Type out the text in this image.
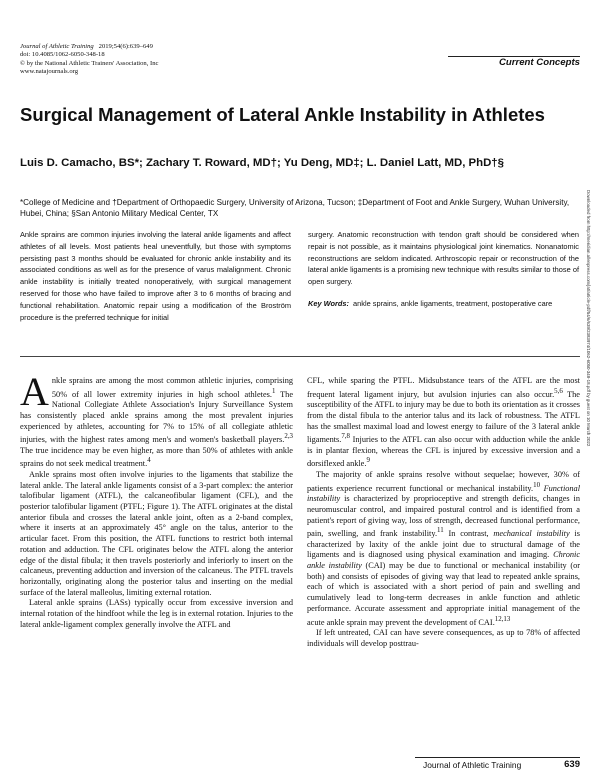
Journal of Athletic Training 2019;54(6):639–649
doi: 10.4085/1062-6050-348-18
© by the National Athletic Trainers' Association, Inc
www.natajournals.org
Current Concepts
Surgical Management of Lateral Ankle Instability in Athletes
Luis D. Camacho, BS*; Zachary T. Roward, MD†; Yu Deng, MD‡; L. Daniel Latt, MD, PhD†§
*College of Medicine and †Department of Orthopaedic Surgery, University of Arizona, Tucson; ‡Department of Foot and Ankle Surgery, Wuhan University, Hubei, China; §San Antonio Military Medical Center, TX
Ankle sprains are common injuries involving the lateral ankle ligaments and affect athletes of all levels. Most patients heal uneventfully, but those with symptoms persisting past 3 months should be evaluated for chronic ankle instability and its associated conditions as well as for the presence of varus malalignment. Chronic ankle instability is initially treated nonoperatively, with surgical management reserved for those who have failed to improve after 3 to 6 months of bracing and functional rehabilitation. Anatomic repair using a modification of the Broström procedure is the preferred technique for initial
surgery. Anatomic reconstruction with tendon graft should be considered when repair is not possible, as it maintains physiological joint kinematics. Nonanatomic reconstructions are seldom indicated. Arthroscopic repair or reconstruction of the lateral ankle ligaments is a promising new technique with results similar to those of open surgery.
Key Words: ankle sprains, ankle ligaments, treatment, postoperative care

Ankle sprains are among the most common athletic injuries, comprising 50% of all lower extremity injuries in high school athletes.$^1$ The National Collegiate Athlete Association's Injury Surveillance System has consistently placed ankle sprains among the most prevalent injuries experienced by athletes, accounting for 7% to 15% of all collegiate athletic injuries, with the highest rates among men's and women's basketball players.$^{2,3}$ The true incidence may be even higher, as more than 50% of athletes with ankle sprains do not seek medical treatment.$^4$

Ankle sprains most often involve injuries to the ligaments that stabilize the lateral ankle. The lateral ankle ligaments consist of a 3-part complex: the anterior talofibular ligament (ATFL), the calcaneofibular ligament (CFL), and the posterior talofibular ligament (PTFL; Figure 1). The ATFL originates at the distal anterior fibula and crosses the lateral ankle joint, often as a 2-band complex, where it inserts at an approximately 45° angle on the talus, anterior to the articular facet. From this position, the ATFL functions to restrict both internal rotation and adduction. The CFL originates below the ATFL along the anterior edge of the distal fibula; it then travels posteriorly and inferiorly to insert on the calcaneus, preventing adduction and inversion of the calcaneus. The PTFL travels horizontally, originating along the posterior talus and inserting on the medial surface of the lateral malleolus, limiting external rotation.

Lateral ankle sprains (LASs) typically occur from excessive inversion and internal rotation of the hindfoot while the leg is in external rotation. Injuries to the lateral ankle-ligament complex generally involve the ATFL and

CFL, while sparing the PTFL. Midsubstance tears of the ATFL are the most frequent lateral ligament injury, but avulsion injuries can also occur.$^{5,6}$ The susceptibility of the ATFL to injury may be due to both its orientation as it crosses from the distal fibula to the anterior talus and its lack of robustness. The ATFL has the smallest maximal load and lowest energy to failure of the 3 lateral ankle ligaments.$^{7,8}$ Injuries to the ATFL can also occur with adduction while the ankle is in plantar flexion, whereas the CFL is injured by excessive inversion and a dorsiflexed ankle.$^9$

The majority of ankle sprains resolve without sequelae; however, 30% of patients experience recurrent functional or mechanical instability.$^{10}$ Functional instability is characterized by proprioceptive and strength deficits, changes in neuromuscular control, and impaired postural control and is identified from a patient's report of giving way, loss of strength, decreased functional performance, pain, swelling, and frank instability.$^{11}$ In contrast, mechanical instability is characterized by laxity of the ankle joint due to structural damage of the ligaments and is diagnosed using physical examination and imaging. Chronic ankle instability (CAI) may be due to functional or mechanical instability (or both) and consists of episodes of giving way that lead to repeated ankle sprains, each of which is associated with a short period of pain and swelling and cumulatively lead to long-term decreases in ankle function and athletic performance. Accurate assessment and appropriate initial management of the acute ankle sprain may prevent the development of CAI.$^{12,13}$

If left untreated, CAI can have severe consequences, as up to 78% of affected individuals will develop posttrau-

Journal of Athletic Training	639
Downloaded from http://meridian.allenpress.com/jat/article-pdf/54/6/639/2383974/1062-6050-348-18.pdf by guest on 10 March 2022
